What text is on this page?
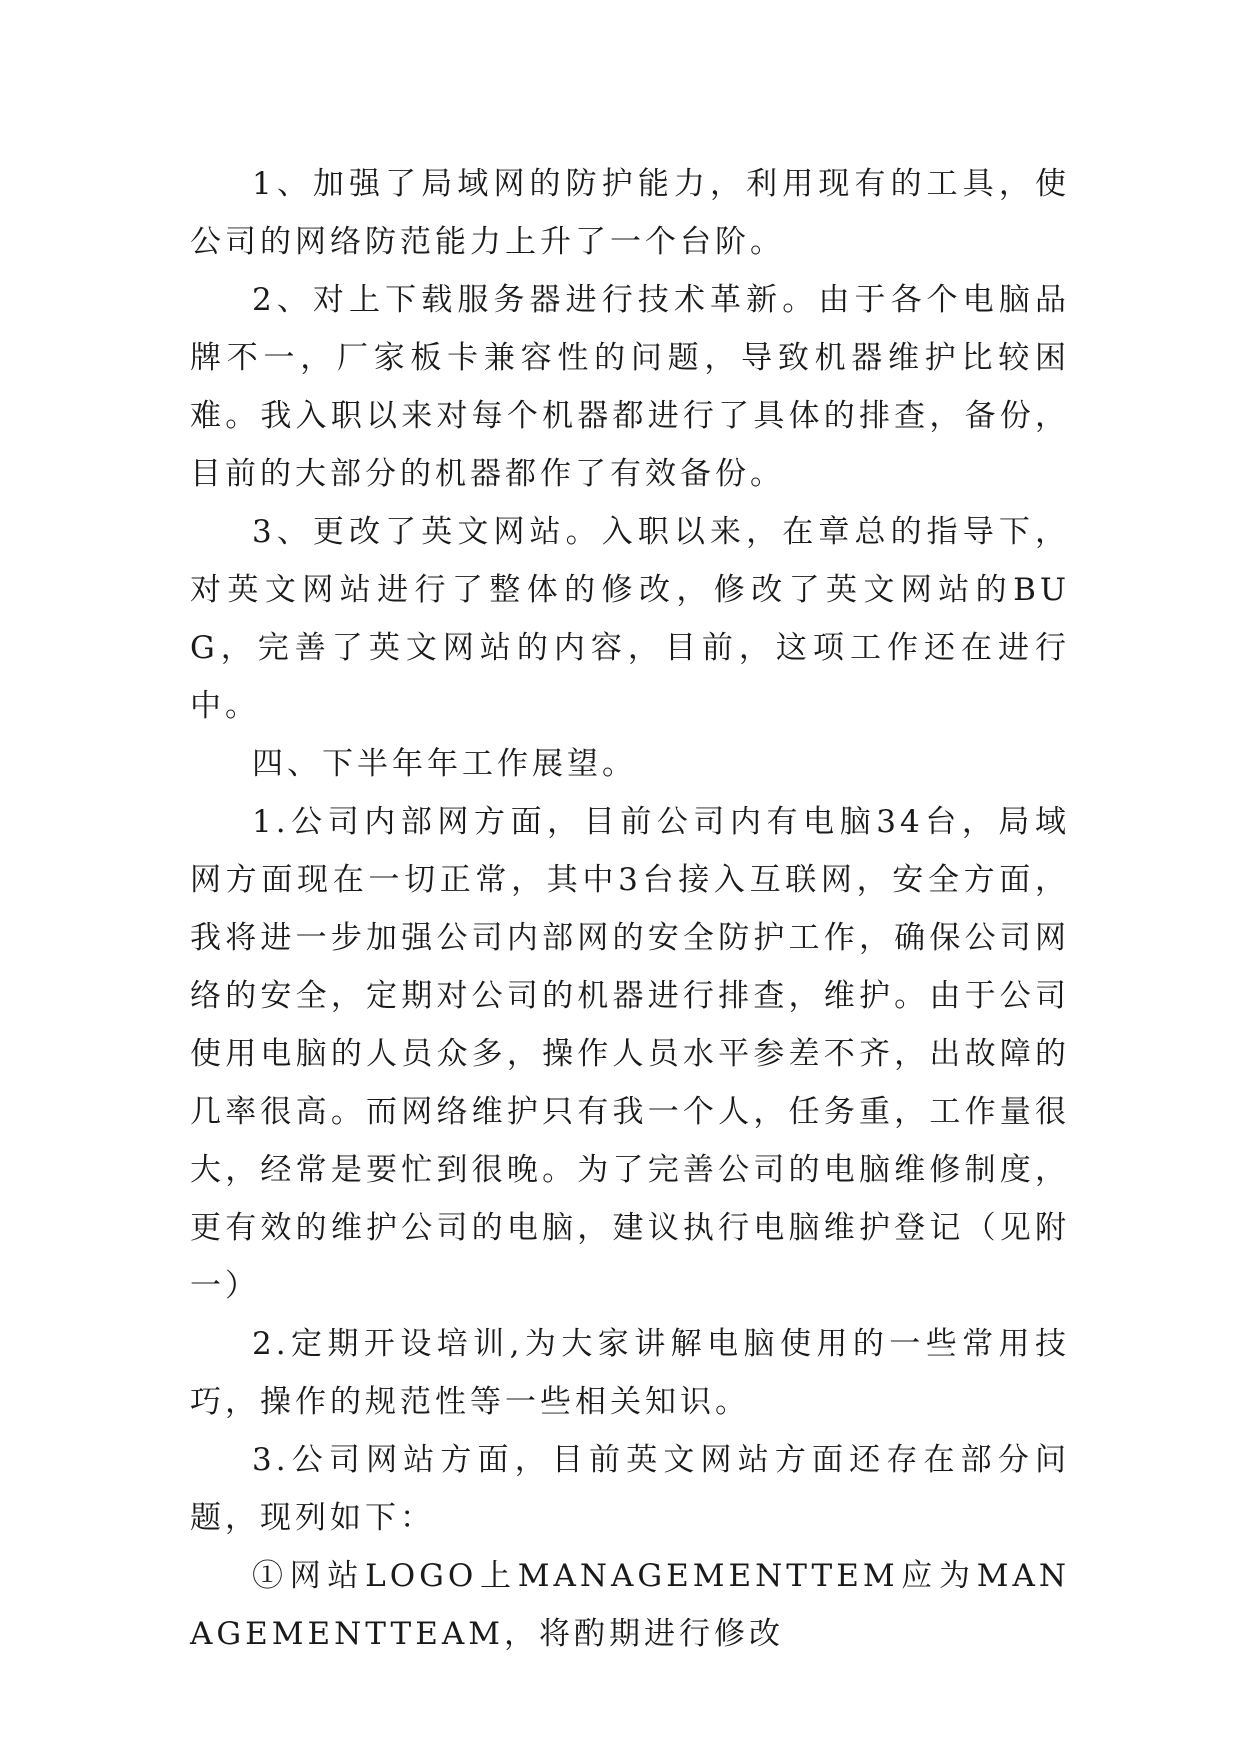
1、加强了局域网的防护能力，利用现有的工具，使公司的网络防范能力上升了一个台阶。

2、对上下载服务器进行技术革新。由于各个电脑品牌不一，厂家板卡兼容性的问题，导致机器维护比较困难。我入职以来对每个机器都进行了具体的排查，备份，目前的大部分的机器都作了有效备份。

3、更改了英文网站。入职以来，在章总的指导下，对英文网站进行了整体的修改，修改了英文网站的BUG，完善了英文网站的内容，目前，这项工作还在进行中。

四、下半年年工作展望。

1.公司内部网方面，目前公司内有电脑34台，局域网方面现在一切正常，其中3台接入互联网，安全方面，我将进一步加强公司内部网的安全防护工作，确保公司网络的安全，定期对公司的机器进行排查，维护。由于公司使用电脑的人员众多，操作人员水平参差不齐，出故障的几率很高。而网络维护只有我一个人，任务重，工作量很大，经常是要忙到很晚。为了完善公司的电脑维修制度，更有效的维护公司的电脑，建议执行电脑维护登记（见附一）

2.定期开设培训,为大家讲解电脑使用的一些常用技巧，操作的规范性等一些相关知识。

3.公司网站方面，目前英文网站方面还存在部分问题，现列如下：

①网站LOGO上MANAGEMENTTEM应为MANAGEMENTTEAM，将酌期进行修改
